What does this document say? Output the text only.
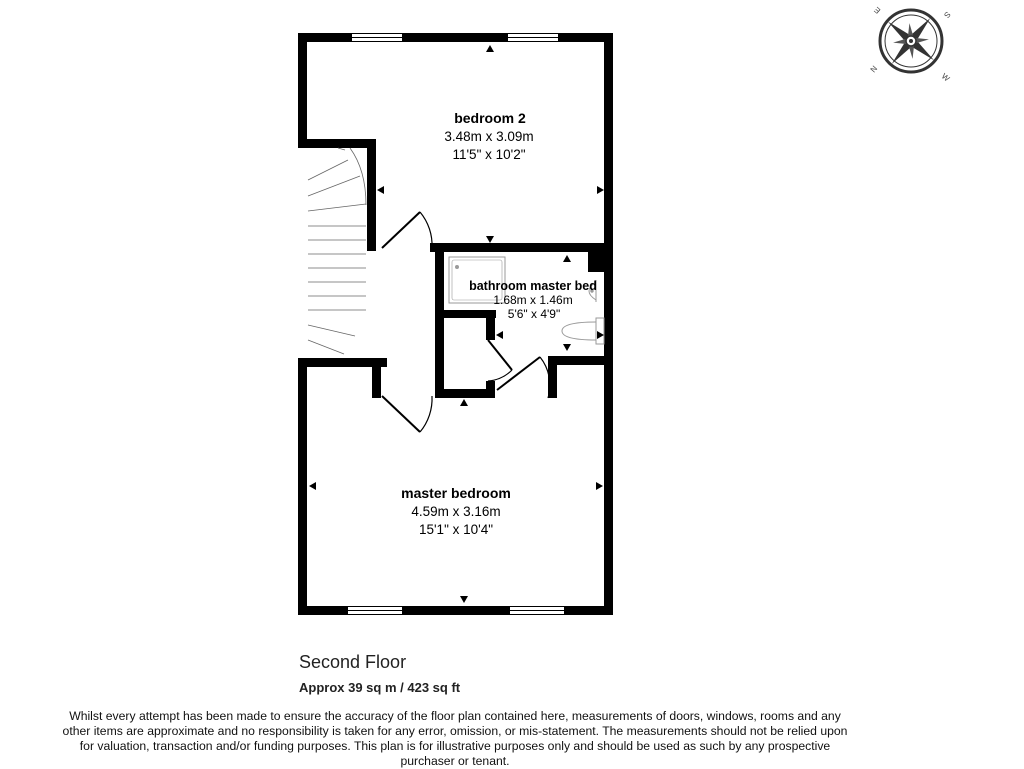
bedroom 2
3.48m x 3.09m
11'5" x 10'2"
bathroom master bed
1.68m x 1.46m
5'6" x 4'9"
master bedroom
4.59m x 3.16m
15'1" x 10'4"
N
E	S
W
Second Floor
Approx 39 sq m / 423 sq ft
Whilst every attempt has been made to ensure the accuracy of the floor plan contained here, measurements of doors, windows, rooms and any other items are approximate and no responsibility is taken for any error, omission, or mis-statement. The measurements should not be relied upon for valuation, transaction and/or funding purposes. This plan is for illustrative purposes only and should be used as such by any prospective purchaser or tenant.
